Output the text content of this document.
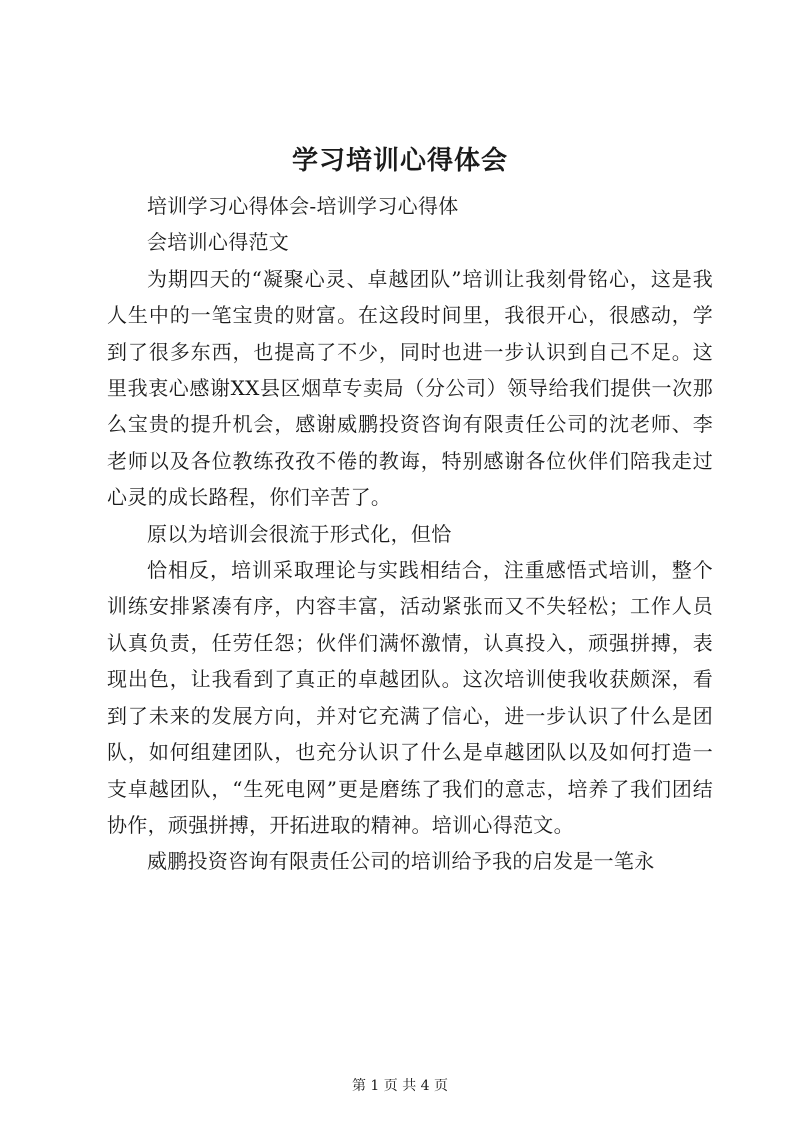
学习培训心得体会

培训学习心得体会-培训学习心得体

会培训心得范文

为期四天的“凝聚心灵、卓越团队”培训让我刻骨铭心，这是我人生中的一笔宝贵的财富。在这段时间里，我很开心，很感动，学到了很多东西，也提高了不少，同时也进一步认识到自己不足。这里我衷心感谢XX县区烟草专卖局（分公司）领导给我们提供一次那么宝贵的提升机会，感谢威鹏投资咨询有限责任公司的沈老师、李老师以及各位教练孜孜不倦的教诲，特别感谢各位伙伴们陪我走过心灵的成长路程，你们辛苦了。

原以为培训会很流于形式化，但恰

恰相反，培训采取理论与实践相结合，注重感悟式培训，整个训练安排紧凑有序，内容丰富，活动紧张而又不失轻松；工作人员认真负责，任劳任怨；伙伴们满怀激情，认真投入，顽强拼搏，表现出色，让我看到了真正的卓越团队。这次培训使我收获颇深，看到了未来的发展方向，并对它充满了信心，进一步认识了什么是团队，如何组建团队，也充分认识了什么是卓越团队以及如何打造一支卓越团队，“生死电网”更是磨练了我们的意志，培养了我们团结协作，顽强拼搏，开拓进取的精神。培训心得范文。

威鹏投资咨询有限责任公司的培训给予我的启发是一笔永

第 1 页 共 4 页
